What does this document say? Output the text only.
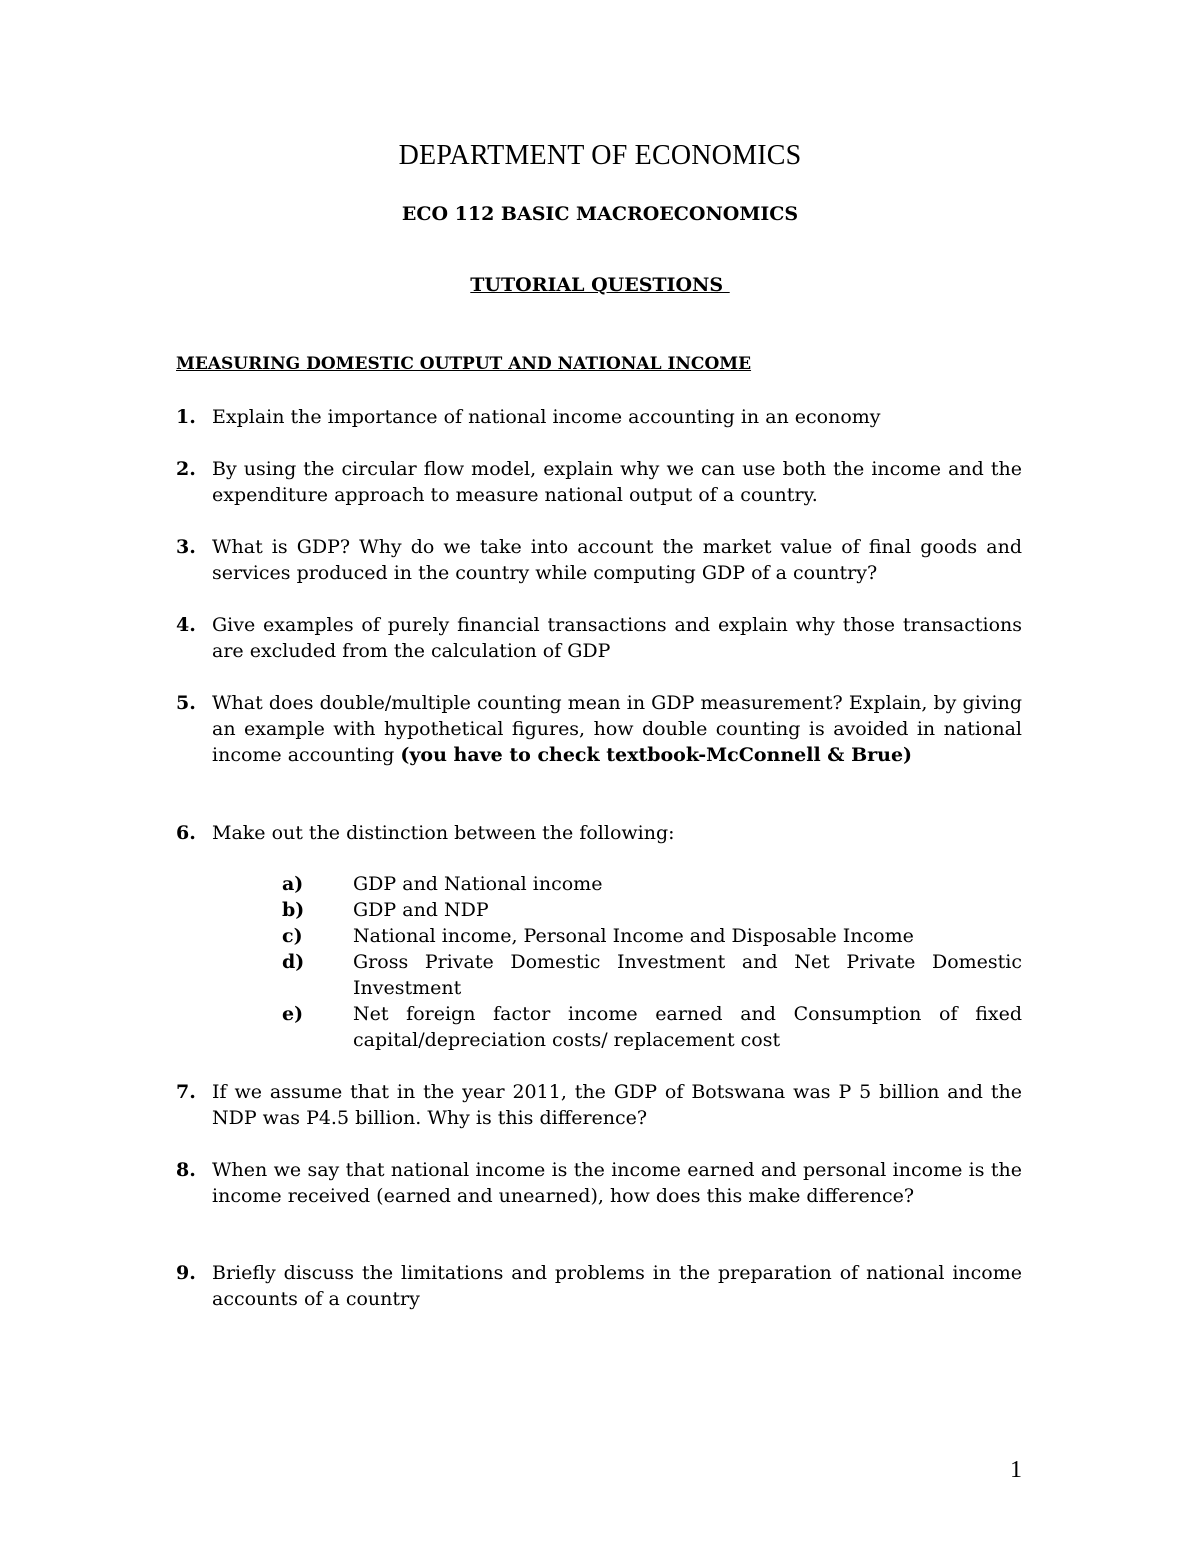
DEPARTMENT OF ECONOMICS
ECO 112 BASIC MACROECONOMICS
TUTORIAL QUESTIONS
MEASURING DOMESTIC OUTPUT AND NATIONAL INCOME
1. Explain the importance of national income accounting in an economy
2. By using the circular flow model, explain why we can use both the income and the expenditure approach to measure national output of a country.
3. What is GDP? Why do we take into account the market value of final goods and services produced in the country while computing GDP of a country?
4. Give examples of purely financial transactions and explain why those transactions are excluded from the calculation of GDP
5. What does double/multiple counting mean in GDP measurement? Explain, by giving an example with hypothetical figures, how double counting is avoided in national income accounting (you have to check textbook-McConnell & Brue)
6. Make out the distinction between the following:
a)	GDP and National income
b)	GDP and NDP
c)	National income, Personal Income and Disposable Income
d)	Gross Private Domestic Investment and Net Private Domestic Investment
e)	Net foreign factor income earned and Consumption of fixed capital/depreciation costs/ replacement cost
7. If we assume that in the year 2011, the GDP of Botswana was P 5 billion and the NDP was P4.5 billion. Why is this difference?
8. When we say that national income is the income earned and personal income is the income received (earned and unearned), how does this make difference?
9. Briefly discuss the limitations and problems in the preparation of national income accounts of a country
1
